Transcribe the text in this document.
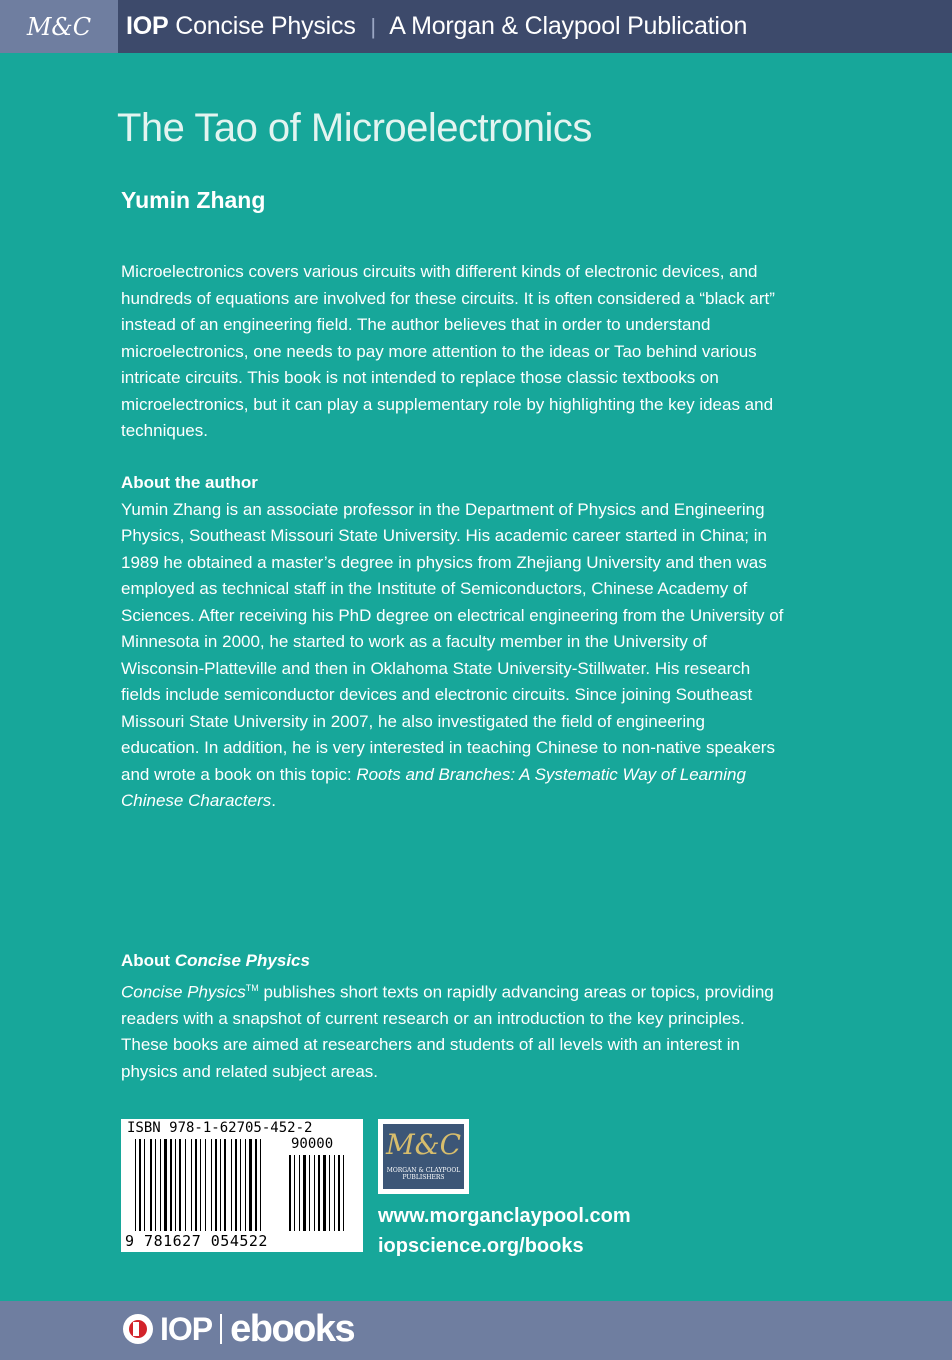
M&C IOP Concise Physics | A Morgan & Claypool Publication
The Tao of Microelectronics
Yumin Zhang
Microelectronics covers various circuits with different kinds of electronic devices, and hundreds of equations are involved for these circuits. It is often considered a “black art” instead of an engineering field. The author believes that in order to understand microelectronics, one needs to pay more attention to the ideas or Tao behind various intricate circuits. This book is not intended to replace those classic textbooks on microelectronics, but it can play a supplementary role by highlighting the key ideas and techniques.
About the author
Yumin Zhang is an associate professor in the Department of Physics and Engineering Physics, Southeast Missouri State University. His academic career started in China; in 1989 he obtained a master’s degree in physics from Zhejiang University and then was employed as technical staff in the Institute of Semiconductors, Chinese Academy of Sciences. After receiving his PhD degree on electrical engineering from the University of Minnesota in 2000, he started to work as a faculty member in the University of Wisconsin-Platteville and then in Oklahoma State University-Stillwater. His research fields include semiconductor devices and electronic circuits. Since joining Southeast Missouri State University in 2007, he also investigated the field of engineering education. In addition, he is very interested in teaching Chinese to non-native speakers and wrote a book on this topic: Roots and Branches: A Systematic Way of Learning Chinese Characters.
About Concise Physics
Concise Physics™ publishes short texts on rapidly advancing areas or topics, providing readers with a snapshot of current research or an introduction to the key principles. These books are aimed at researchers and students of all levels with an interest in physics and related subject areas.
ISBN 978-1-62705-452-2
90000
9 781627 054522
M&C
MORGAN & CLAYPOOL
PUBLISHERS
www.morganclaypool.com
iopscience.org/books
IOP ebooks
